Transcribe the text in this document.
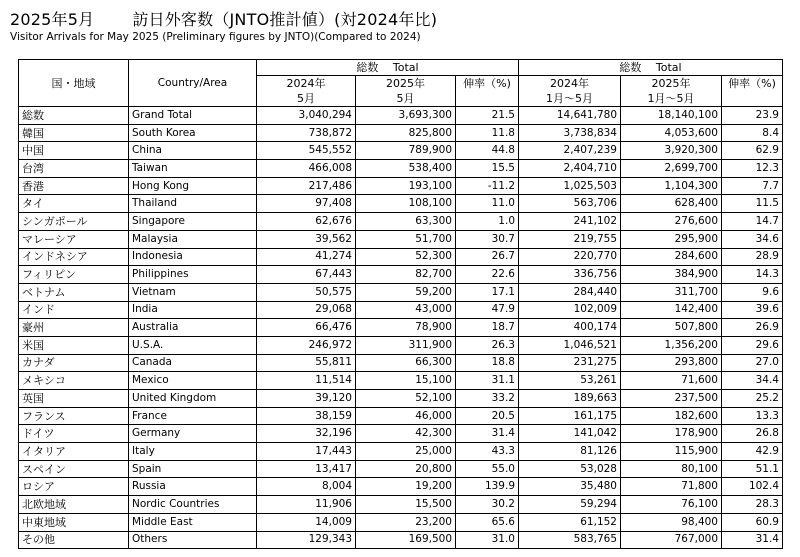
2025年5月 訪日外客数（JNTO推計値）(対2024年比)
Visitor Arrivals for May 2025 (Preliminary figures by JNTO)(Compared to 2024)
国・地域	Country/Area	総数　 Total			総数　 Total		
		2024年	2025年	伸率（%)	2024年	2025年	伸率（%)
		5月	5月		1月～5月	1月～5月	
総数	Grand Total	3,040,294	3,693,300	21.5	14,641,780	18,140,100	23.9
韓国	South Korea	738,872	825,800	11.8	3,738,834	4,053,600	8.4
中国	China	545,552	789,900	44.8	2,407,239	3,920,300	62.9
台湾	Taiwan	466,008	538,400	15.5	2,404,710	2,699,700	12.3
香港	Hong Kong	217,486	193,100	-11.2	1,025,503	1,104,300	7.7
タイ	Thailand	97,408	108,100	11.0	563,706	628,400	11.5
シンガポール	Singapore	62,676	63,300	1.0	241,102	276,600	14.7
マレーシア	Malaysia	39,562	51,700	30.7	219,755	295,900	34.6
インドネシア	Indonesia	41,274	52,300	26.7	220,770	284,600	28.9
フィリピン	Philippines	67,443	82,700	22.6	336,756	384,900	14.3
ベトナム	Vietnam	50,575	59,200	17.1	284,440	311,700	9.6
インド	India	29,068	43,000	47.9	102,009	142,400	39.6
豪州	Australia	66,476	78,900	18.7	400,174	507,800	26.9
米国	U.S.A.	246,972	311,900	26.3	1,046,521	1,356,200	29.6
カナダ	Canada	55,811	66,300	18.8	231,275	293,800	27.0
メキシコ	Mexico	11,514	15,100	31.1	53,261	71,600	34.4
英国	United Kingdom	39,120	52,100	33.2	189,663	237,500	25.2
フランス	France	38,159	46,000	20.5	161,175	182,600	13.3
ドイツ	Germany	32,196	42,300	31.4	141,042	178,900	26.8
イタリア	Italy	17,443	25,000	43.3	81,126	115,900	42.9
スペイン	Spain	13,417	20,800	55.0	53,028	80,100	51.1
ロシア	Russia	8,004	19,200	139.9	35,480	71,800	102.4
北欧地域	Nordic Countries	11,906	15,500	30.2	59,294	76,100	28.3
中東地域	Middle East	14,009	23,200	65.6	61,152	98,400	60.9
その他	Others	129,343	169,500	31.0	583,765	767,000	31.4
